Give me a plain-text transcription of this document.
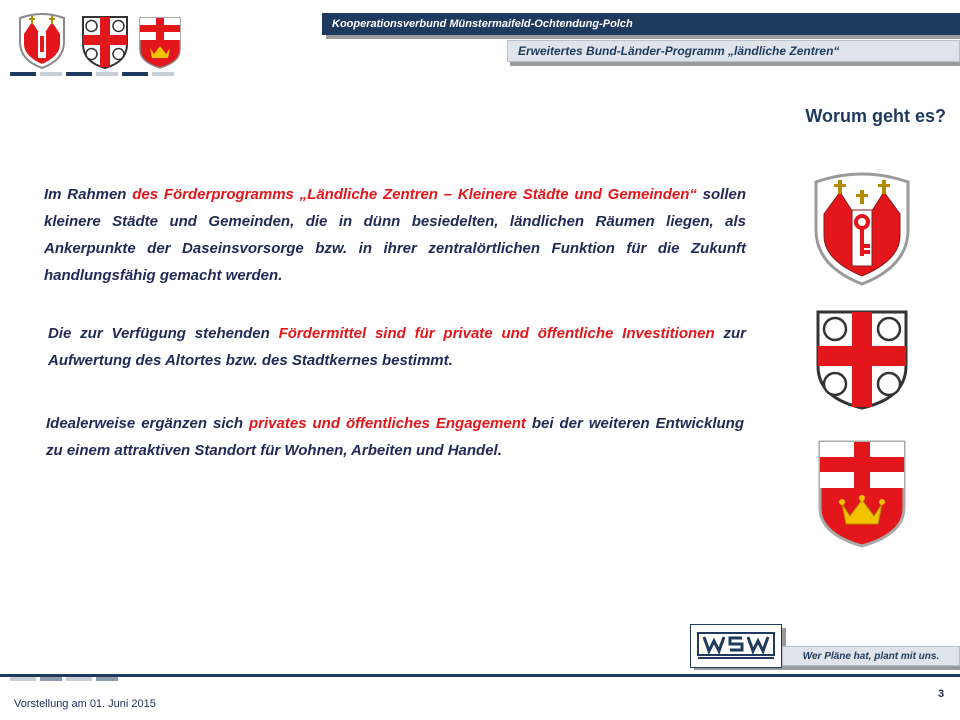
Kooperationsverbund Münstermaifeld-Ochtendung-Polch
Erweitertes Bund-Länder-Programm „ländliche Zentren“
Worum geht es?
Im Rahmen des Förderprogramms „Ländliche Zentren – Kleinere Städte und Gemeinden“ sollen kleinere Städte und Gemeinden, die in dünn besiedelten, ländlichen Räumen liegen, als Ankerpunkte der Daseinsvorsorge bzw. in ihrer zentralörtlichen Funktion für die Zukunft handlungsfähig gemacht werden.
Die zur Verfügung stehenden Fördermittel sind für private und öffentliche Investitionen zur Aufwertung des Altortes bzw. des Stadtkernes bestimmt.
Idealerweise ergänzen sich privates und öffentliches Engagement bei der weiteren Entwicklung zu einem attraktiven Standort für Wohnen, Arbeiten und Handel.
Wer Pläne hat, plant mit uns.
Vorstellung am 01. Juni 2015
3
